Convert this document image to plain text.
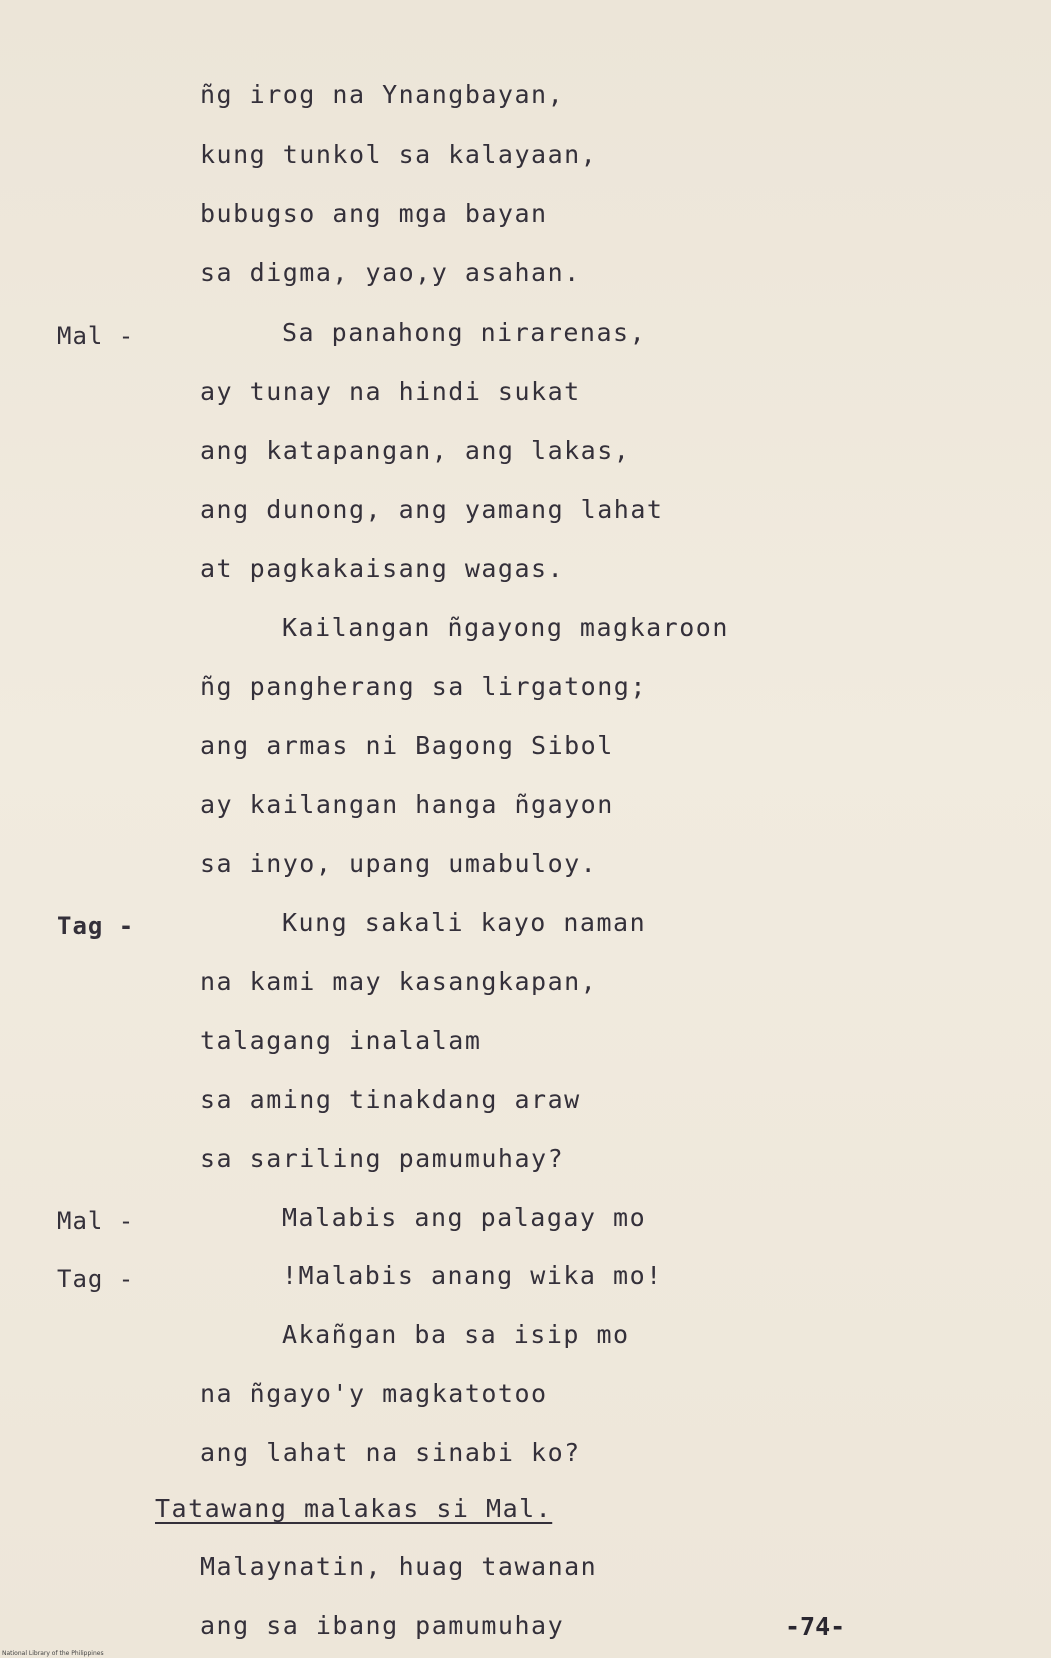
ñg irog na Ynangbayan,
kung tunkol sa kalayaan,
bubugso ang mga bayan
sa digma, yao,y asahan.
Mal -	Sa panahong nirarenas,
ay tunay na hindi sukat
ang katapangan, ang lakas,
ang dunong, ang yamang lahat
at pagkakaisang wagas.
Kailangan ñgayong magkaroon
ñg pangherang sa lirgatong;
ang armas ni Bagong Sibol
ay kailangan hanga ñgayon
sa inyo, upang umabuloy.
Tag -	Kung sakali kayo naman
na kami may kasangkapan,
talagang inalalam
sa aming tinakdang araw
sa sariling pamumuhay?
Mal -	Malabis ang palagay mo
Tag -	!Malabis anang wika mo!
Akañgan ba sa isip mo
na ñgayo'y magkatotoo
ang lahat na sinabi ko?
Tatawang malakas si Mal.
Malaynatin, huag tawanan
ang sa ibang pamumuhay	-74-
National Library of the Philippines
